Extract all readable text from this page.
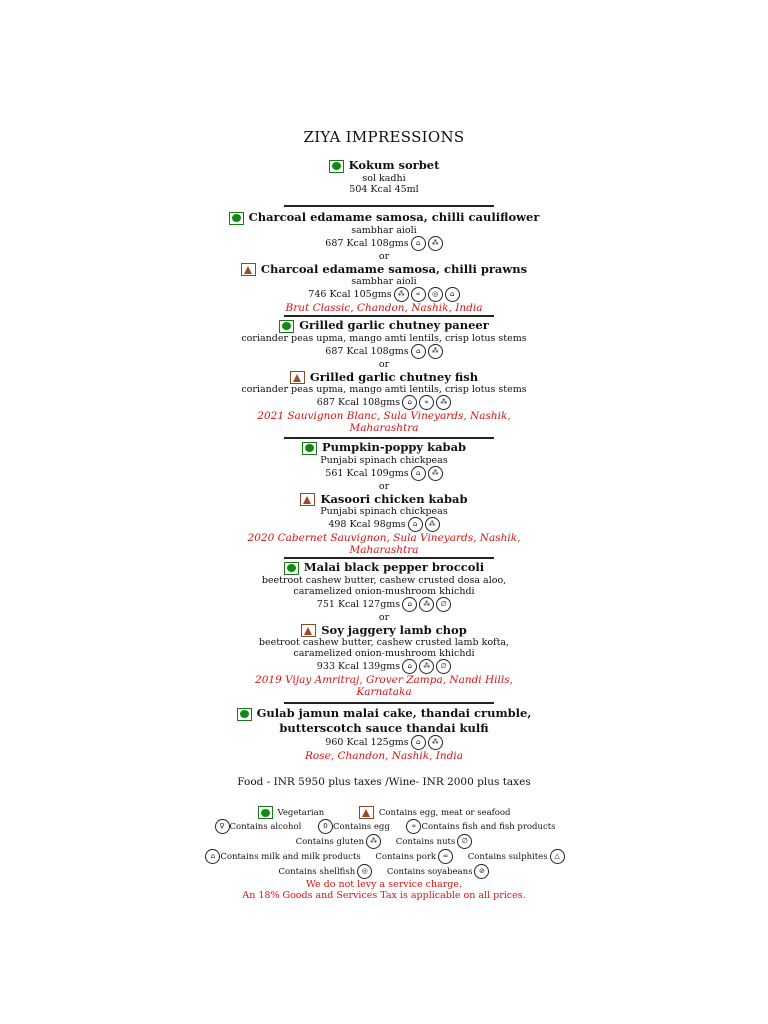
ZIYA IMPRESSIONS
Kokum sorbet
sol kadhi
504 Kcal 45ml
Charcoal edamame samosa, chilli cauliflower
sambhar aioli
687 Kcal 108gms ⌂ ⁂
or
Charcoal edamame samosa, chilli prawns
sambhar aioli
746 Kcal 105gms ⁂ ∝ ◎ ⌂
Brut Classic, Chandon, Nashik, India
Grilled garlic chutney paneer
coriander peas upma, mango amti lentils, crisp lotus stems
687 Kcal 108gms ⌂ ⁂
or
Grilled garlic chutney fish
coriander peas upma, mango amti lentils, crisp lotus stems
687 Kcal 108gms ⌂ ∝ ⁂
2021 Sauvignon Blanc, Sula Vineyards, Nashik,
Maharashtra
Pumpkin-poppy kabab
Punjabi spinach chickpeas
561 Kcal 109gms ⌂ ⁂
or
Kasoori chicken kabab
Punjabi spinach chickpeas
498 Kcal 98gms ⌂ ⁂
2020 Cabernet Sauvignon, Sula Vineyards, Nashik,
Maharashtra
Malai black pepper broccoli
beetroot cashew butter, cashew crusted dosa aloo,
caramelized onion-mushroom khichdi
751 Kcal 127gms ⌂ ⁂ ∅
or
Soy jaggery lamb chop
beetroot cashew butter, cashew crusted lamb kofta,
caramelized onion-mushroom khichdi
933 Kcal 139gms ⌂ ⁂ ∅
2019 Vijay Amritraj, Grover Zampa, Nandi Hills,
Karnataka
Gulab jamun malai cake, thandai crumble,
butterscotch sauce thandai kulfi
960 Kcal 125gms ⌂ ⁂
Rose, Chandon, Nashik, India
Food - INR 5950 plus taxes /Wine- INR 2000 plus taxes
Vegetarian	Contains egg, meat or seafood
♀ Contains alcohol	0 Contains egg	∝ Contains fish and fish products
Contains gluten ⁂ Contains nuts ∅
⌂ Contains milk and milk products Contains pork ∞ Contains sulphites △
Contains shellfish ◎ Contains soyabeans ⊘
We do not levy a service charge.
An 18% Goods and Services Tax is applicable on all prices.
